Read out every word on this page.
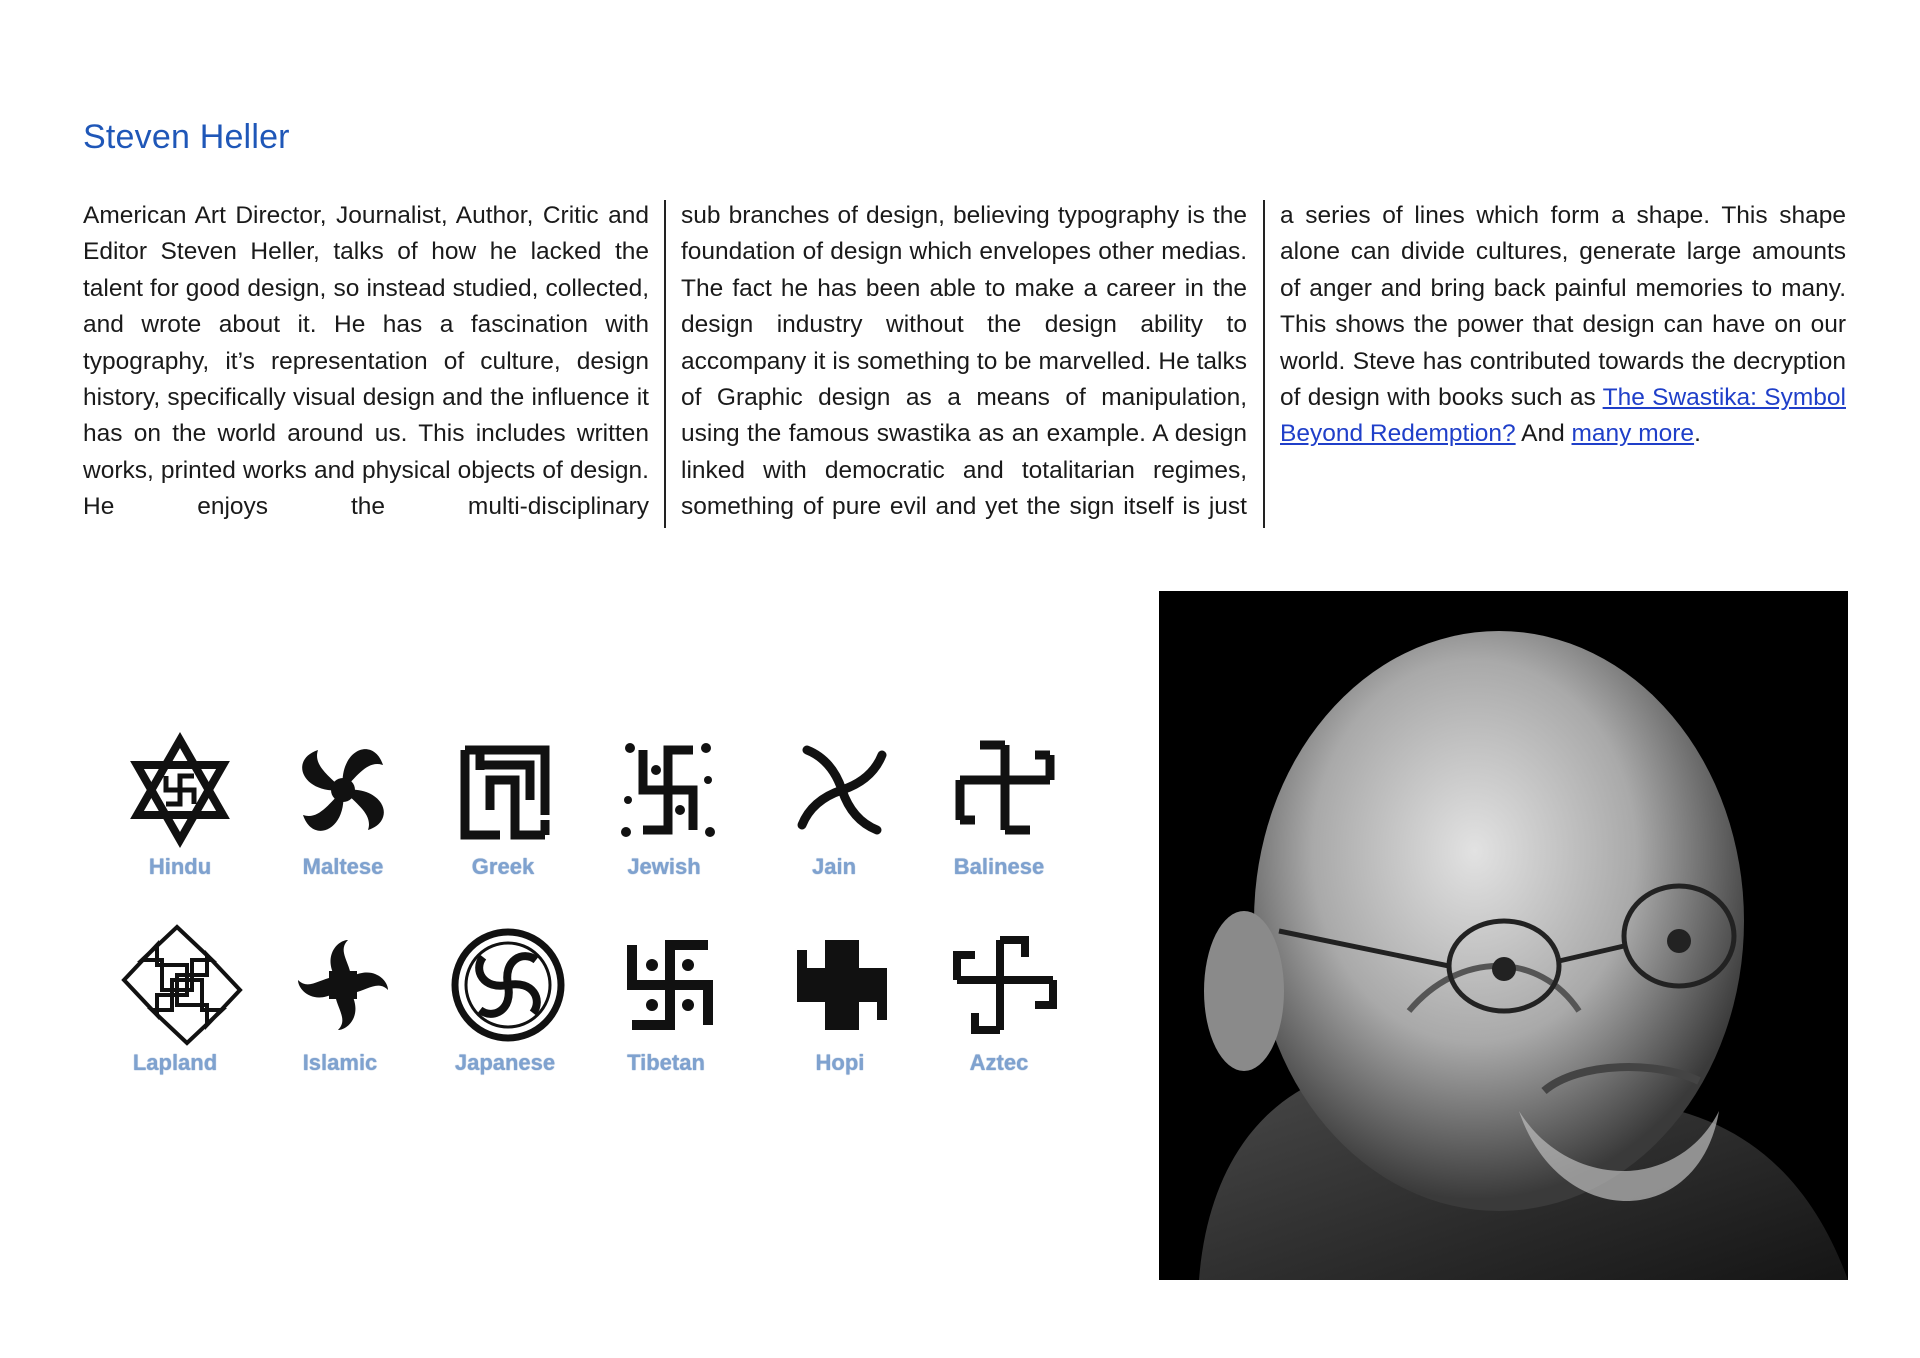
Steven Heller
American Art Director, Journalist, Author, Critic and Editor Steven Heller, talks of how he lacked the talent for good design, so instead studied, collected, and wrote about it. He has a fascination with typography, it’s representation of culture, design history, specifically visual design and the influence it has on the world around us. This includes written works, printed works and physical objects of design. He enjoys the multi-disciplinary
sub branches of design, believing typography is the foundation of design which envelopes other medias. The fact he has been able to make a career in the design industry without the design ability to accompany it is something to be marvelled. He talks of Graphic design as a means of manipulation, using the famous swastika as an example. A design linked with democratic and totalitarian regimes, something of pure evil and yet the sign itself is just
a series of lines which form a shape. This shape alone can divide cultures, generate large amounts of anger and bring back painful memories to many. This shows the power that design can have on our world. Steve has contributed towards the decryption of design with books such as The Swastika: Symbol Beyond Redemption? And many more.
Hindu	Maltese	Greek	Jewish	Jain	Balinese
Lapland	Islamic	Japanese	Tibetan	Hopi	Aztec
